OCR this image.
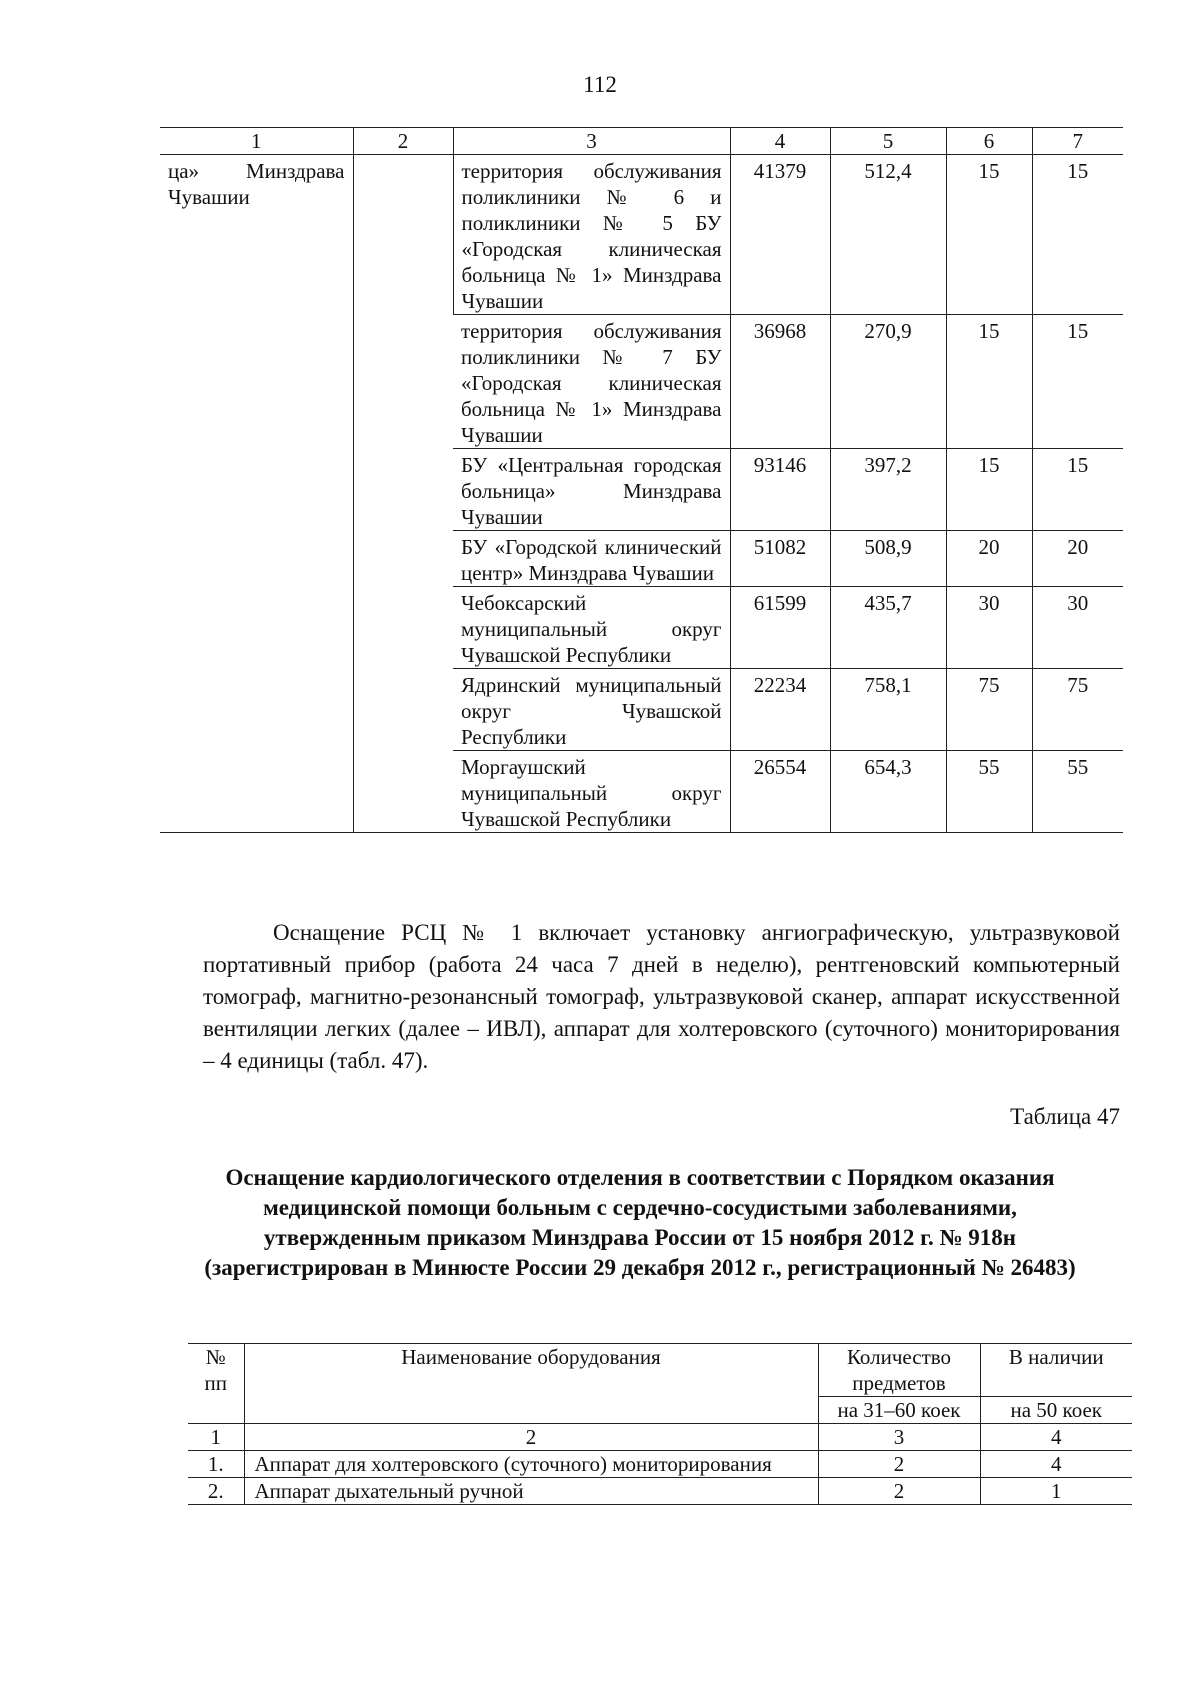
112
1	2	3	4	5	6	7
ца» Минздрава Чувашии		территория обслуживания поликлиники № 6 и поликлиники № 5 БУ «Городская клиническая больница № 1» Минздрава Чувашии	41379	512,4	15	15
		территория обслуживания поликлиники № 7 БУ «Городская клиническая больница № 1» Минздрава Чувашии	36968	270,9	15	15
		БУ «Центральная городская больница» Минздрава Чувашии	93146	397,2	15	15
		БУ «Городской клинический центр» Минздрава Чувашии	51082	508,9	20	20
		Чебоксарский муниципальный округ Чувашской Республики	61599	435,7	30	30
		Ядринский муниципальный округ Чувашской Республики	22234	758,1	75	75
		Моргаушский муниципальный округ Чувашской Республики	26554	654,3	55	55

Оснащение РСЦ № 1 включает установку ангиографическую, ультразвуковой портативный прибор (работа 24 часа 7 дней в неделю), рентгеновский компьютерный томограф, магнитно-резонансный томограф, ультразвуковой сканер, аппарат искусственной вентиляции легких (далее – ИВЛ), аппарат для холтеровского (суточного) мониторирования – 4 единицы (табл. 47).

Таблица 47

Оснащение кардиологического отделения в соответствии с Порядком оказания медицинской помощи больным с сердечно-сосудистыми заболеваниями, утвержденным приказом Минздрава России от 15 ноября 2012 г. № 918н (зарегистрирован в Минюсте России 29 декабря 2012 г., регистрационный № 26483)

№ пп	Наименование оборудования	Количество предметов	В наличии
		на 31–60 коек	на 50 коек
1	2	3	4
1.	Аппарат для холтеровского (суточного) мониторирования	2	4
2.	Аппарат дыхательный ручной	2	1
